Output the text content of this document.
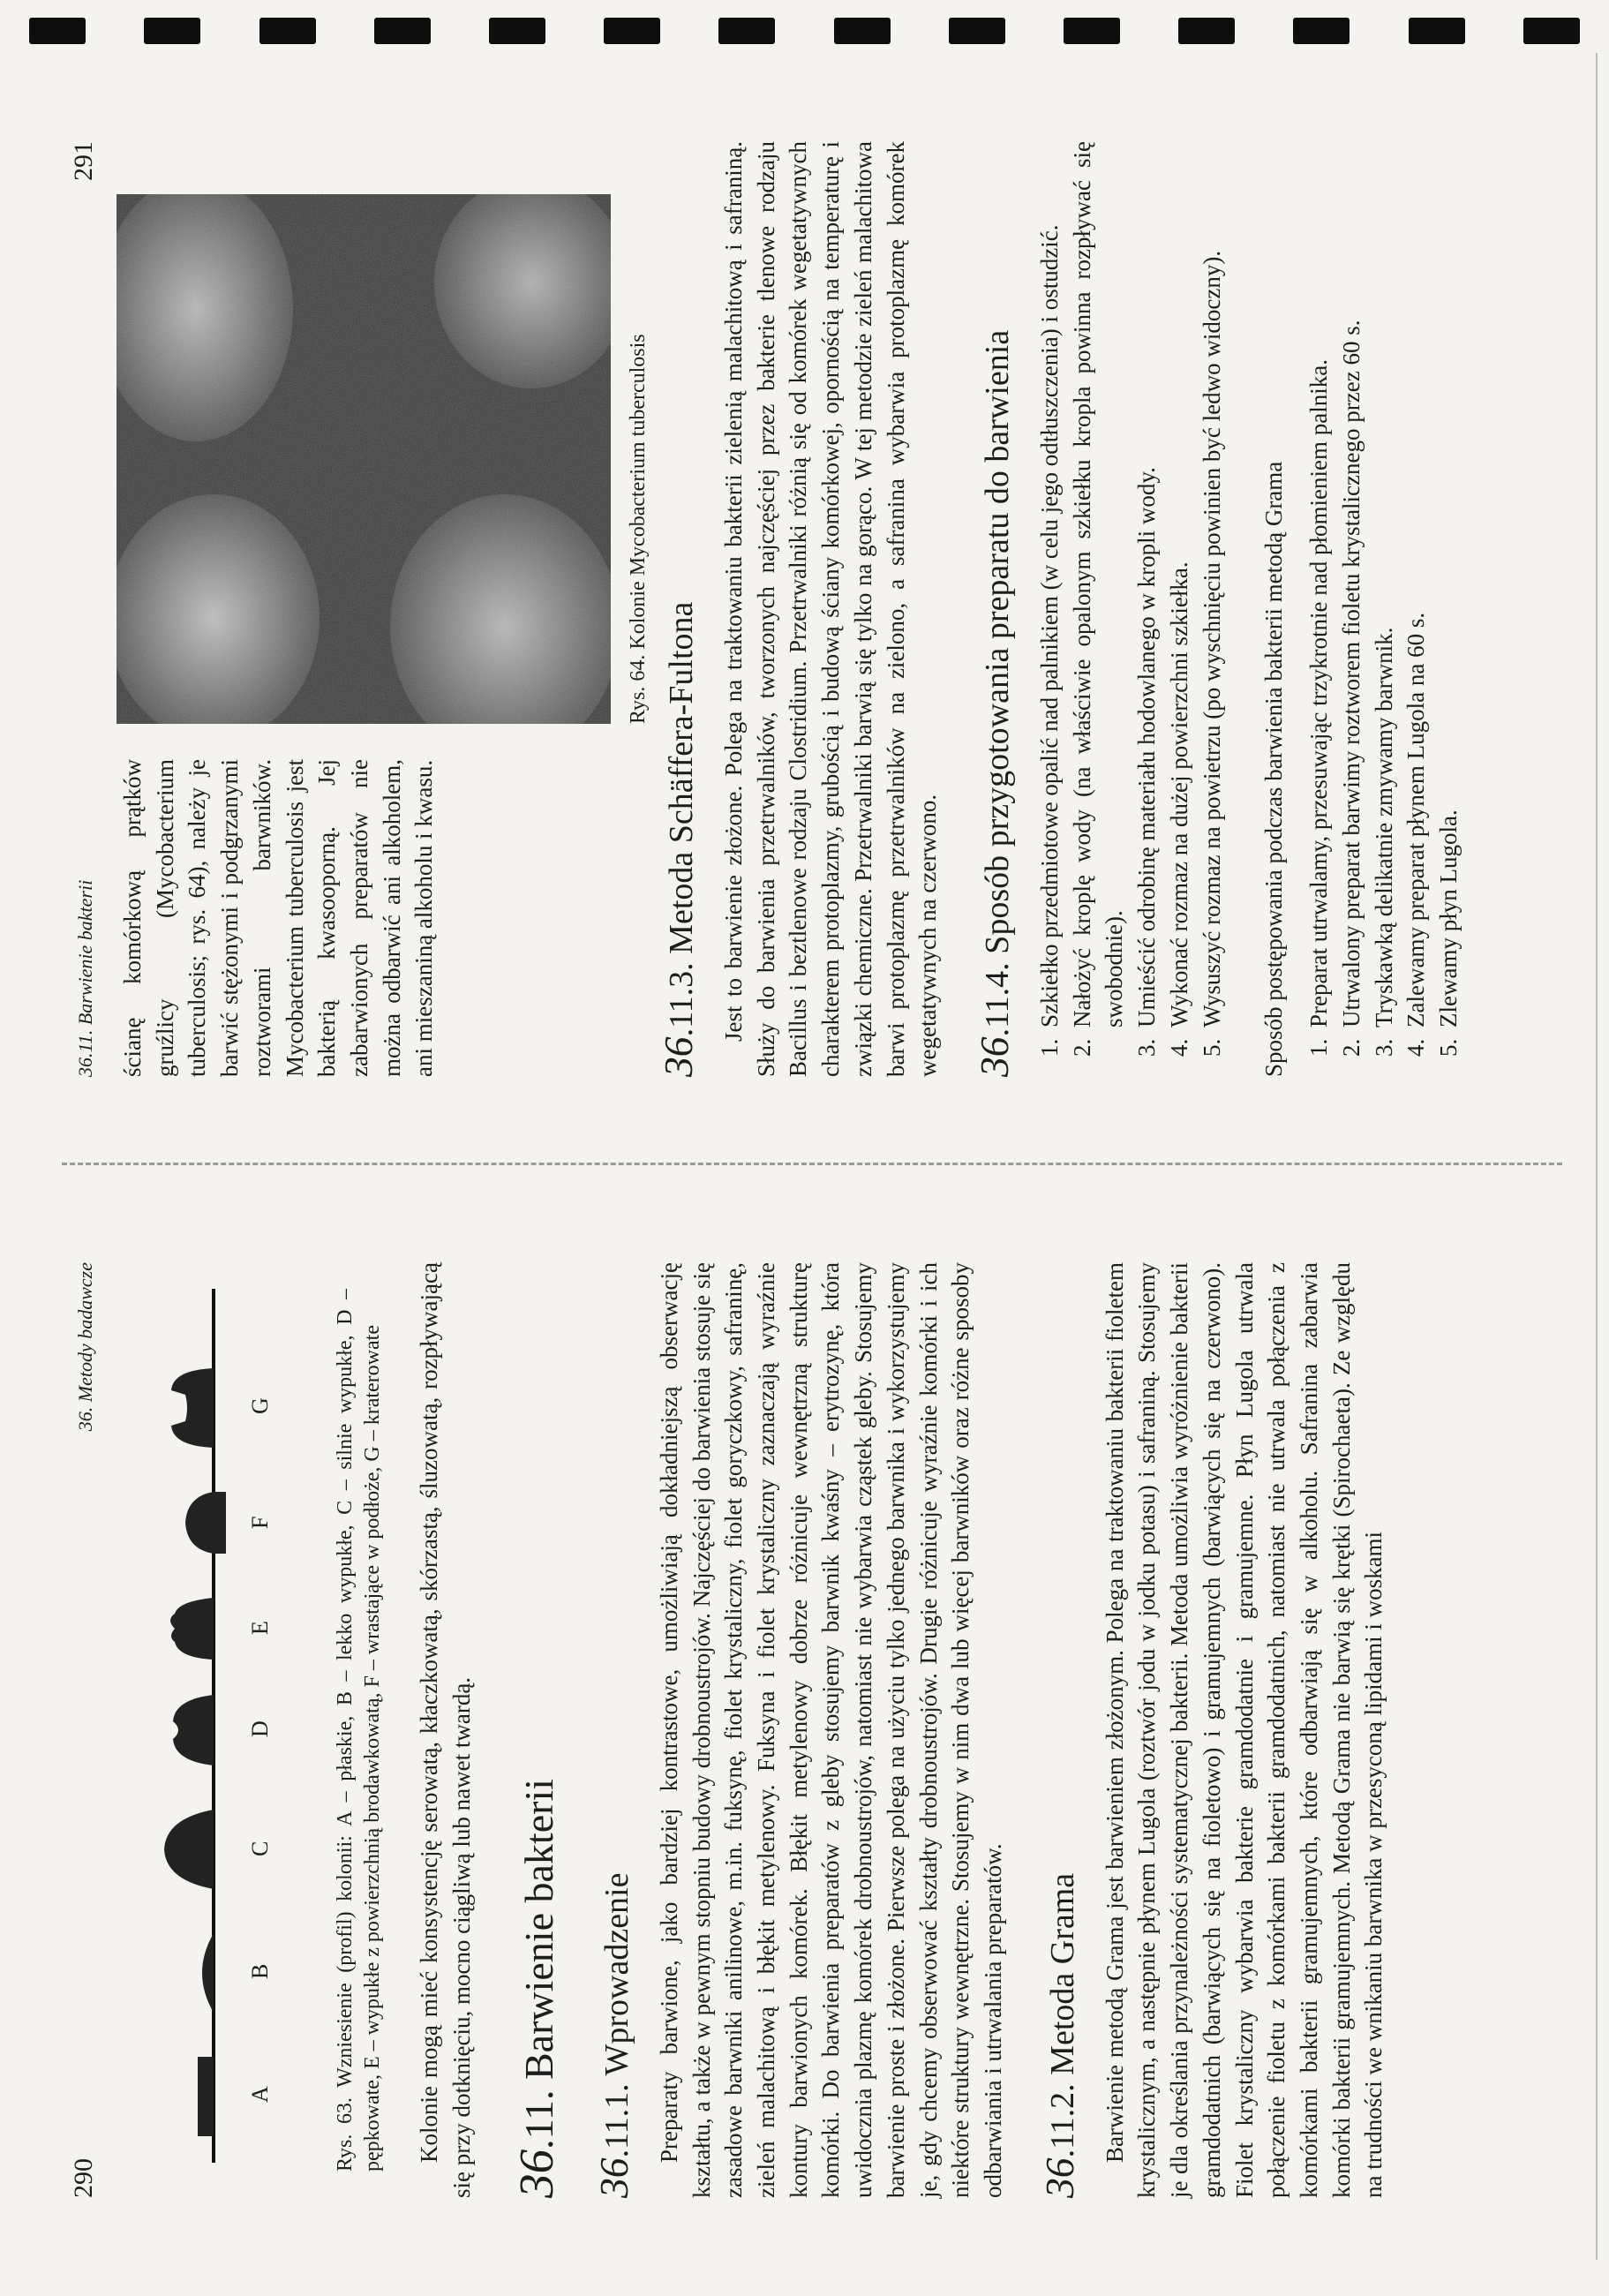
290
36. Metody badawcze
A
B
C
D
E
F
G	Rys. 63. Wzniesienie (profil) kolonii: A – płaskie, B – lekko wypukłe, C – silnie wypukłe, D – pępkowate, E – wypukłe z powierzchnią brodawkowatą, F – wrastające w podłoże, G – kraterowate Kolonie mogą mieć konsystencję serowatą, kłaczkowatą, skórzastą, śluzowatą, rozpływającą się przy dotknięciu, mocno ciągliwą lub nawet twardą. 36.11. Barwienie bakterii
36.11.1. Wprowadzenie Preparaty barwione, jako bardziej kontrastowe, umożliwiają dokładniejszą obserwację kształtu, a także w pewnym stopniu budowy drobnoustrojów. Najczęściej do barwienia stosuje się zasadowe barwniki anilinowe, m.in. fuksynę, fiolet krystaliczny, fiolet goryczkowy, safraninę, zieleń malachitową i błękit metylenowy. Fuksyna i fiolet krystaliczny zaznaczają wyraźnie kontury barwionych komórek. Błękit metylenowy dobrze różnicuje wewnętrzną strukturę komórki. Do barwienia preparatów z gleby stosujemy barwnik kwaśny – erytrozynę, która uwidocznia plazmę komórek drobnoustrojów, natomiast nie wybarwia cząstek gleby. Stosujemy barwienie proste i złożone. Pierwsze polega na użyciu tylko jednego barwnika i wykorzystujemy je, gdy chcemy obserwować kształty drobnoustrojów. Drugie różnicuje wyraźnie komórki i ich niektóre struktury wewnętrzne. Stosujemy w nim dwa lub więcej barwników oraz różne sposoby odbarwiania i utrwalania preparatów. 36.11.2. Metoda Grama Barwienie metodą Grama jest barwieniem złożonym. Polega na traktowaniu bakterii fioletem krystalicznym, a następnie płynem Lugola (roztwór jodu w jodku potasu) i safraniną. Stosujemy je dla określania przynależności systematycznej bakterii. Metoda umożliwia wyróżnienie bakterii gramdodatnich (barwiących się na fioletowo) i gramujemnych (barwiących się na czerwono). Fiolet krystaliczny wybarwia bakterie gramdodatnie i gramujemne. Płyn Lugola utrwala połączenie fioletu z komórkami bakterii gramdodatnich, natomiast nie utrwala połączenia z komórkami bakterii gramujemnych, które odbarwiają się w alkoholu. Safranina zabarwia komórki bakterii gramujemnych. Metodą Grama nie barwią się krętki (Spirochaeta). Ze względu na trudności we wnikaniu barwnika w przesyconą lipidami i woskami

36.11. Barwienie bakterii
291

ścianę komórkową prątków gruźlicy (Mycobacterium tuberculosis; rys. 64), należy je barwić stężonymi i podgrzanymi roztworami barwników. Mycobacterium tuberculosis jest bakterią kwasooporną. Jej zabarwionych preparatów nie można odbarwić ani alkoholem, ani mieszaniną alkoholu i kwasu.

Rys. 64. Kolonie Mycobacterium tuberculosis

36.11.3. Metoda Schäffera-Fultona Jest to barwienie złożone. Polega na traktowaniu bakterii zielenią malachitową i safraniną. Służy do barwienia przetrwalników, tworzonych najczęściej przez bakterie tlenowe rodzaju Bacillus i beztlenowe rodzaju Clostridium. Przetrwalniki różnią się od komórek wegetatywnych charakterem protoplazmy, grubością i budową ściany komórkowej, opornością na temperaturę i związki chemiczne. Przetrwalniki barwią się tylko na gorąco. W tej metodzie zieleń malachitowa barwi protoplazmę przetrwalników na zielono, a safranina wybarwia protoplazmę komórek wegetatywnych na czerwono. 36.11.4. Sposób przygotowania preparatu do barwienia 1. Szkiełko przedmiotowe opalić nad palnikiem (w celu jego odtłuszczenia) i ostudzić. 2. Nałożyć kroplę wody (na właściwie opalonym szkiełku kropla powinna rozpływać się swobodnie). 3. Umieścić odrobinę materiału hodowlanego w kropli wody. 4. Wykonać rozmaz na dużej powierzchni szkiełka. 5. Wysuszyć rozmaz na powietrzu (po wyschnięciu powinien być ledwo widoczny). Sposób postępowania podczas barwienia bakterii metodą Grama 1. Preparat utrwalamy, przesuwając trzykrotnie nad płomieniem palnika. 2. Utrwalony preparat barwimy roztworem fioletu krystalicznego przez 60 s. 3. Tryskawką delikatnie zmywamy barwnik. 4. Zalewamy preparat płynem Lugola na 60 s. 5. Zlewamy płyn Lugola.
